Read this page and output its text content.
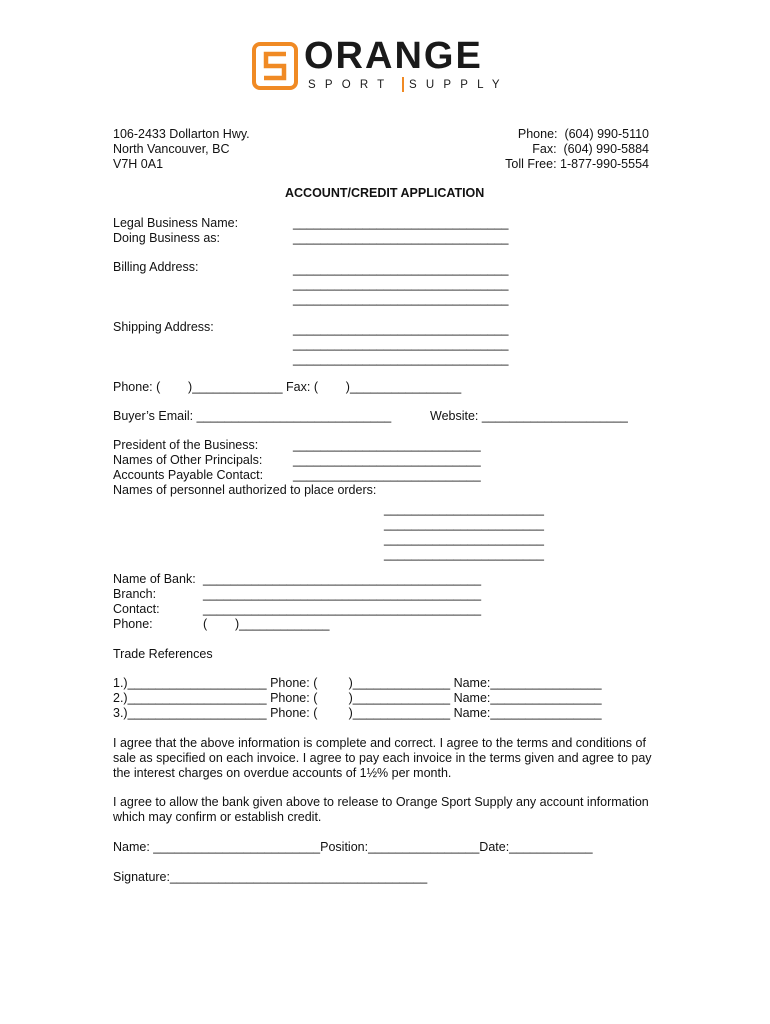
ORANGE
SPORT SUPPLY
106-2433 Dollarton Hwy.
North Vancouver, BC
V7H 0A1
Phone:  (604) 990-5110
Fax:  (604) 990-5884
Toll Free: 1-877-990-5554
ACCOUNT/CREDIT APPLICATION
Legal Business Name:	_______________________________
Doing Business as:	_______________________________
Billing Address:	_______________________________
_______________________________
_______________________________
Shipping Address:	_______________________________
_______________________________
_______________________________
Phone: (        )_____________ Fax: (        )________________
Buyer’s Email: ____________________________	Website: _____________________
President of the Business:	___________________________
Names of Other Principals: ___________________________
Accounts Payable Contact: ___________________________
Names of personnel authorized to place orders:
_______________________
_______________________
_______________________
_______________________
Name of Bank: ________________________________________
Branch:	________________________________________
Contact:	________________________________________
Phone:	(        )_____________
Trade References
1.)____________________ Phone: (         )______________ Name:________________
2.)____________________ Phone: (         )______________ Name:________________
3.)____________________ Phone: (         )______________ Name:________________
I agree that the above information is complete and correct. I agree to the terms and conditions of
sale as specified on each invoice. I agree to pay each invoice in the terms given and agree to pay
the interest charges on overdue accounts of 1½% per month.
I agree to allow the bank given above to release to Orange Sport Supply any account information
which may confirm or establish credit.
Name: ________________________Position:________________Date:____________
Signature:_____________________________________
